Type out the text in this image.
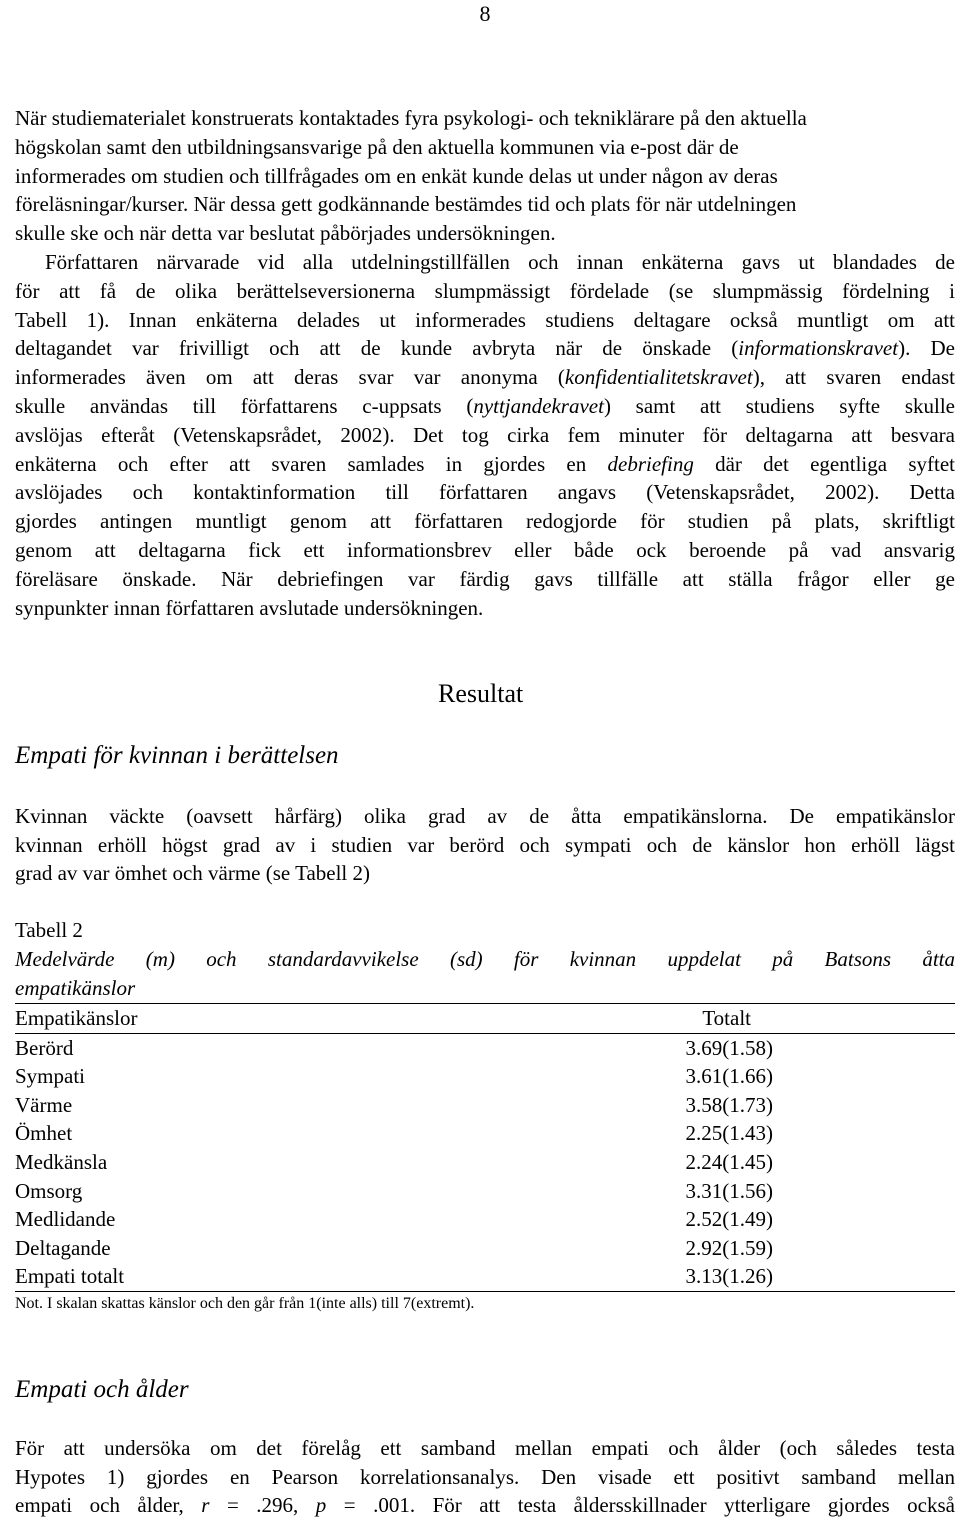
8
När studiematerialet konstruerats kontaktades fyra psykologi- och tekniklärare på den aktuella
högskolan samt den utbildningsansvarige på den aktuella kommunen via e-post där de
informerades om studien och tillfrågades om en enkät kunde delas ut under någon av deras
föreläsningar/kurser. När dessa gett godkännande bestämdes tid och plats för när utdelningen
skulle ske och när detta var beslutat påbörjades undersökningen.
Författaren närvarade vid alla utdelningstillfällen och innan enkäterna gavs ut blandades de
för att få de olika berättelseversionerna slumpmässigt fördelade (se slumpmässig fördelning i
Tabell 1). Innan enkäterna delades ut informerades studiens deltagare också muntligt om att
deltagandet var frivilligt och att de kunde avbryta när de önskade (informationskravet). De
informerades även om att deras svar var anonyma (konfidentialitetskravet), att svaren endast
skulle användas till författarens c-uppsats (nyttjandekravet) samt att studiens syfte skulle
avslöjas efteråt (Vetenskapsrådet, 2002). Det tog cirka fem minuter för deltagarna att besvara
enkäterna och efter att svaren samlades in gjordes en debriefing där det egentliga syftet
avslöjades och kontaktinformation till författaren angavs (Vetenskapsrådet, 2002). Detta
gjordes antingen muntligt genom att författaren redogjorde för studien på plats, skriftligt
genom att deltagarna fick ett informationsbrev eller både ock beroende på vad ansvarig
föreläsare önskade. När debriefingen var färdig gavs tillfälle att ställa frågor eller ge
synpunkter innan författaren avslutade undersökningen.
Resultat
Empati för kvinnan i berättelsen
Kvinnan väckte (oavsett hårfärg) olika grad av de åtta empatikänslorna. De empatikänslor
kvinnan erhöll högst grad av i studien var berörd och sympati och de känslor hon erhöll lägst
grad av var ömhet och värme (se Tabell 2)
Tabell 2
Medelvärde (m) och standardavvikelse (sd) för kvinnan uppdelat på Batsons åtta
empatikänslor
Empatikänslor	Totalt
Berörd	3.69(1.58)
Sympati	3.61(1.66)
Värme	3.58(1.73)
Ömhet	2.25(1.43)
Medkänsla	2.24(1.45)
Omsorg	3.31(1.56)
Medlidande	2.52(1.49)
Deltagande	2.92(1.59)
Empati totalt	3.13(1.26)
Not. I skalan skattas känslor och den går från 1(inte alls) till 7(extremt).
Empati och ålder
För att undersöka om det förelåg ett samband mellan empati och ålder (och således testa
Hypotes 1) gjordes en Pearson korrelationsanalys. Den visade ett positivt samband mellan
empati och ålder, r = .296, p = .001. För att testa åldersskillnader ytterligare gjordes också
